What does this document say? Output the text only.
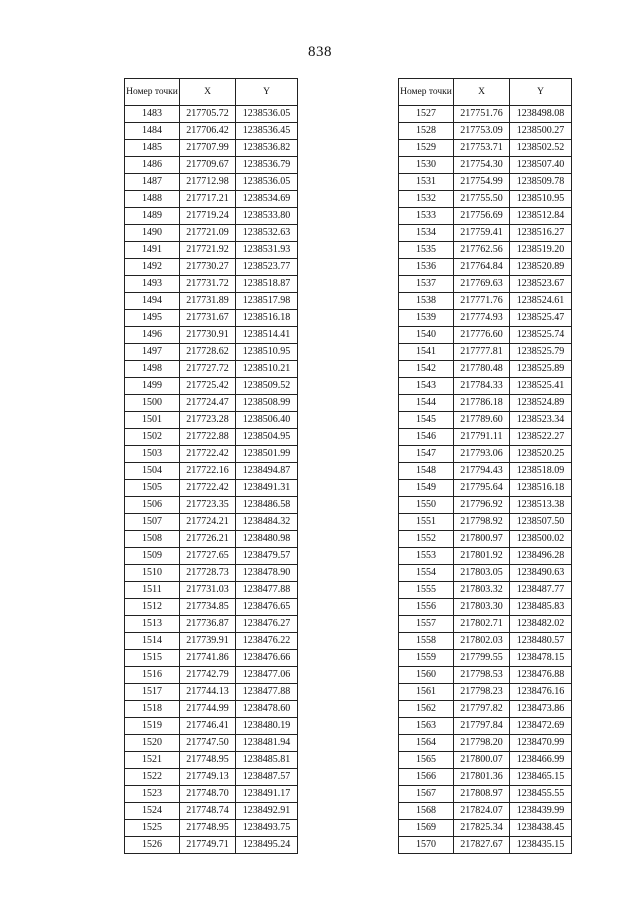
838
Номер точки	X	Y
1483	217705.72	1238536.05
1484	217706.42	1238536.45
1485	217707.99	1238536.82
1486	217709.67	1238536.79
1487	217712.98	1238536.05
1488	217717.21	1238534.69
1489	217719.24	1238533.80
1490	217721.09	1238532.63
1491	217721.92	1238531.93
1492	217730.27	1238523.77
1493	217731.72	1238518.87
1494	217731.89	1238517.98
1495	217731.67	1238516.18
1496	217730.91	1238514.41
1497	217728.62	1238510.95
1498	217727.72	1238510.21
1499	217725.42	1238509.52
1500	217724.47	1238508.99
1501	217723.28	1238506.40
1502	217722.88	1238504.95
1503	217722.42	1238501.99
1504	217722.16	1238494.87
1505	217722.42	1238491.31
1506	217723.35	1238486.58
1507	217724.21	1238484.32
1508	217726.21	1238480.98
1509	217727.65	1238479.57
1510	217728.73	1238478.90
1511	217731.03	1238477.88
1512	217734.85	1238476.65
1513	217736.87	1238476.27
1514	217739.91	1238476.22
1515	217741.86	1238476.66
1516	217742.79	1238477.06
1517	217744.13	1238477.88
1518	217744.99	1238478.60
1519	217746.41	1238480.19
1520	217747.50	1238481.94
1521	217748.95	1238485.81
1522	217749.13	1238487.57
1523	217748.70	1238491.17
1524	217748.74	1238492.91
1525	217748.95	1238493.75
1526	217749.71	1238495.24
Номер точки	X	Y
1527	217751.76	1238498.08
1528	217753.09	1238500.27
1529	217753.71	1238502.52
1530	217754.30	1238507.40
1531	217754.99	1238509.78
1532	217755.50	1238510.95
1533	217756.69	1238512.84
1534	217759.41	1238516.27
1535	217762.56	1238519.20
1536	217764.84	1238520.89
1537	217769.63	1238523.67
1538	217771.76	1238524.61
1539	217774.93	1238525.47
1540	217776.60	1238525.74
1541	217777.81	1238525.79
1542	217780.48	1238525.89
1543	217784.33	1238525.41
1544	217786.18	1238524.89
1545	217789.60	1238523.34
1546	217791.11	1238522.27
1547	217793.06	1238520.25
1548	217794.43	1238518.09
1549	217795.64	1238516.18
1550	217796.92	1238513.38
1551	217798.92	1238507.50
1552	217800.97	1238500.02
1553	217801.92	1238496.28
1554	217803.05	1238490.63
1555	217803.32	1238487.77
1556	217803.30	1238485.83
1557	217802.71	1238482.02
1558	217802.03	1238480.57
1559	217799.55	1238478.15
1560	217798.53	1238476.88
1561	217798.23	1238476.16
1562	217797.82	1238473.86
1563	217797.84	1238472.69
1564	217798.20	1238470.99
1565	217800.07	1238466.99
1566	217801.36	1238465.15
1567	217808.97	1238455.55
1568	217824.07	1238439.99
1569	217825.34	1238438.45
1570	217827.67	1238435.15
